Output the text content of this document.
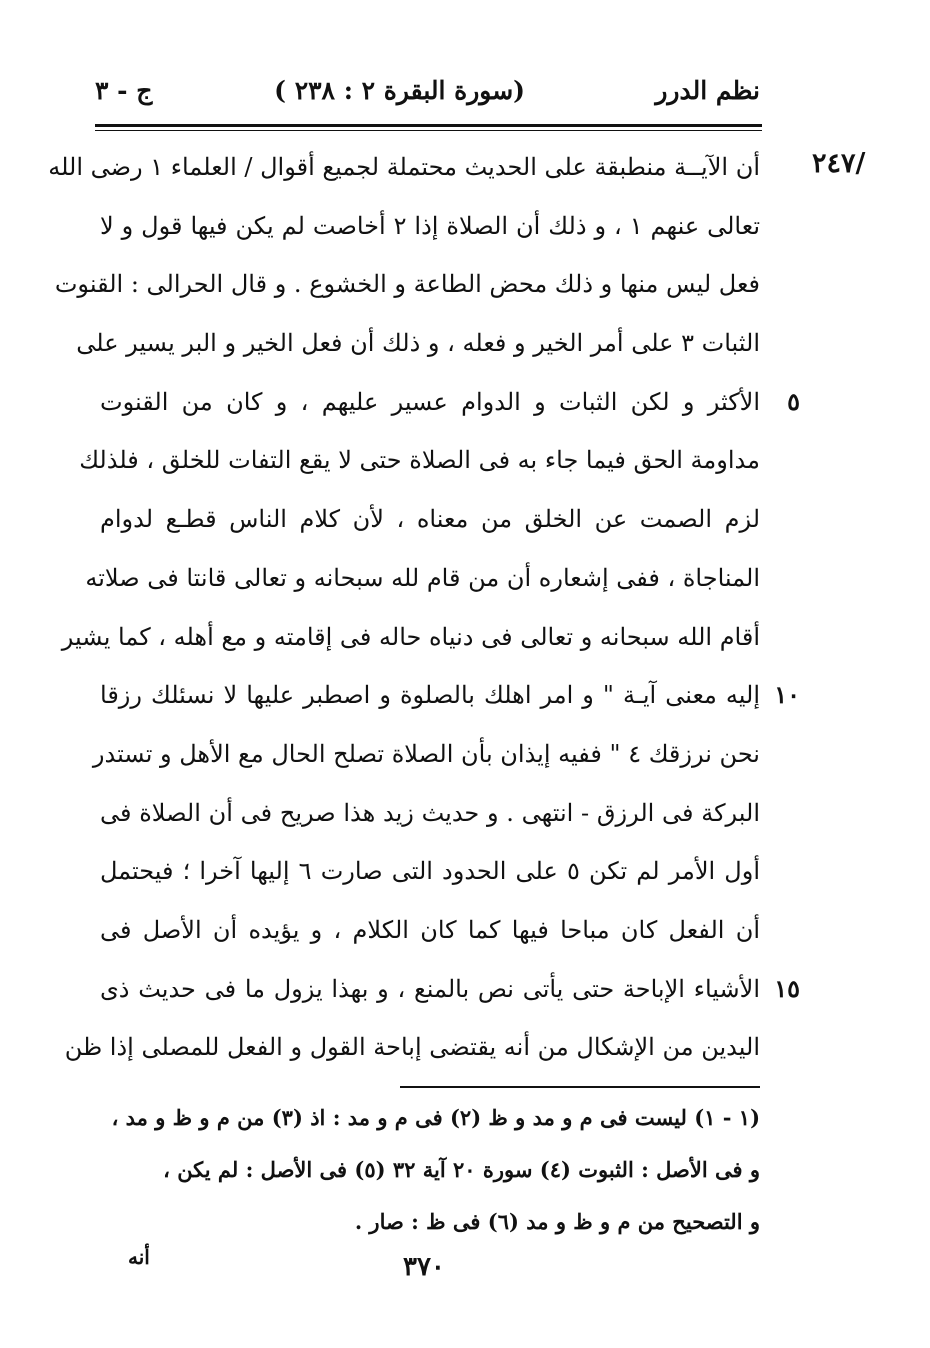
نظم الدرر
(سورة البقرة ٢ : ٢٣٨ )
ج - ٣
٢٤٧/
أن الآيــة منطبقة على الحديث محتملة لجميع أقوال / العلماء ١ رضى الله
تعالى عنهم ١ ، و ذلك أن الصلاة إذا ٢ أخاصت لم يكن فيها قول و لا
فعل ليس منها و ذلك محض الطاعة و الخشوع . و قال الحرالى : القنوت
الثبات ٣ على أمر الخير و فعله ، و ذلك أن فعل الخير و البر يسير على
الأكثر و لكن الثبات و الدوام عسير عليهم ، و كان من القنوت ٥
مداومة الحق فيما جاء به فى الصلاة حتى لا يقع التفات للخلق ، فلذلك
لزم الصمت عن الخلق من معناه ، لأن كلام الناس قطـع لدوام
المناجاة ، ففى إشعاره أن من قام لله سبحانه و تعالى قانتا فى صلاته
أقام الله سبحانه و تعالى فى دنياه حاله فى إقامته و مع أهله ، كما يشير
إليه معنى آيـة " و امر اهلك بالصلوة و اصطبر عليها لا نسئلك رزقا ١٠
نحن نرزقك ٤ " ففيه إيذان بأن الصلاة تصلح الحال مع الأهل و تستدر
البركة فى الرزق - انتهى . و حديث زيد هذا صريح فى أن الصلاة فى
أول الأمر لم تكن ٥ على الحدود التى صارت ٦ إليها آخرا ؛ فيحتمل
أن الفعل كان مباحا فيها كما كان الكلام ، و يؤيده أن الأصل فى
الأشياء الإباحة حتى يأتى نص بالمنع ، و بهذا يزول ما فى حديث ذى ١٥
اليدين من الإشكال من أنه يقتضى إباحة القول و الفعل للمصلى إذا ظن
(١ - ١) ليست فى م و مد و ظ (٢) فى م و مد : اذ (٣) من م و ظ و مد ،
و فى الأصل : الثبوت (٤) سورة ٢٠ آية ٣٢ (٥) فى الأصل : لم يكن ،
و التصحيح من م و ظ و مد (٦) فى ظ : صار .
أنه	٣٧٠
